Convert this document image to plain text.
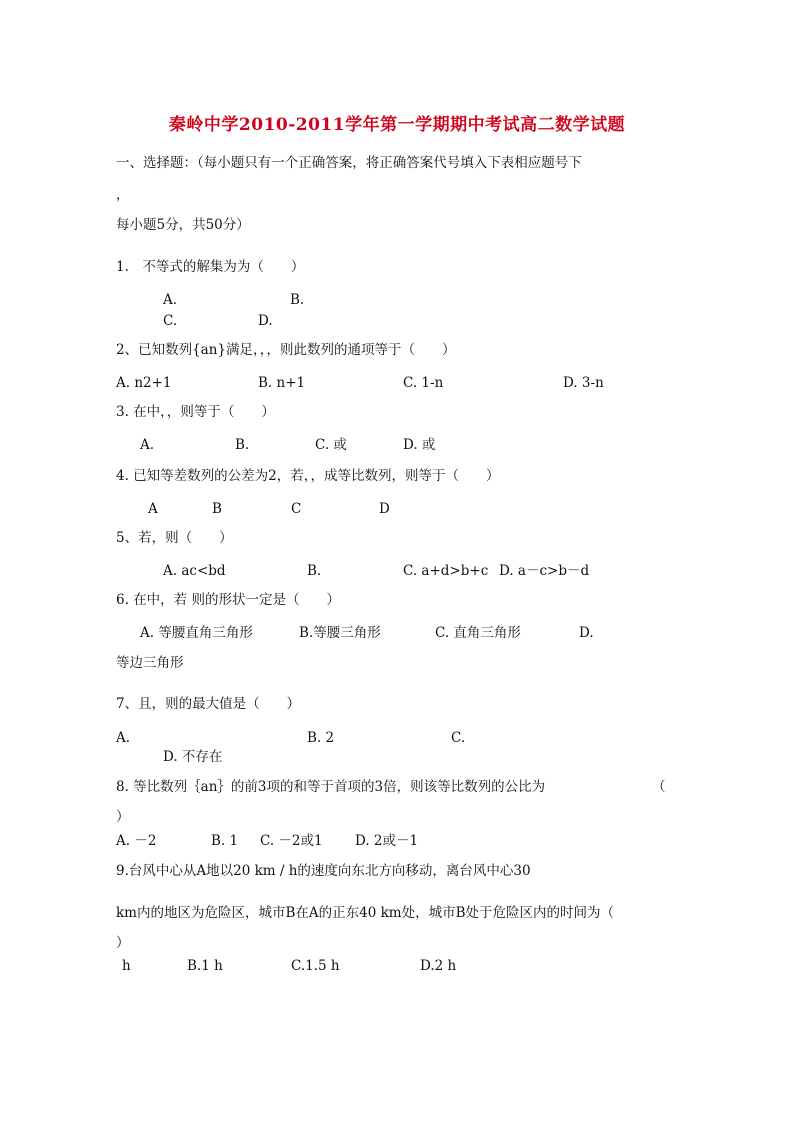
秦岭中学2010-2011学年第一学期期中考试高二数学试题
一、选择题：（每小题只有一个正确答案，将正确答案代号填入下表相应题号下
，
每小题5分，共50分）
1.　不等式的解集为为（　　）
A.	B.
C.	D.
2、已知数列{an}满足，，，则此数列的通项等于（　　）
A. n2+1	B. n+1	C. 1-n	D. 3-n
3. 在中，，则等于（　　）
A.	B.	C. 或	D. 或
4. 已知等差数列的公差为2，若，，成等比数列，则等于（　　）
A	B	C	D
5、若，则（　　）
A. ac<bd	B.	C. a+d>b+c D. a－c>b－d
6. 在中，若 则的形状一定是（　　）
A. 等腰直角三角形	B.等腰三角形	C. 直角三角形	D.
等边三角形
7、且，则的最大值是（　　）
A.	B. 2	C.
D. 不存在
8. 等比数列｛an｝的前3项的和等于首项的3倍，则该等比数列的公比为	（
）
A. －2	B. 1 C. －2或1 D. 2或－1
9.台风中心从A地以20 km / h的速度向东北方向移动，离台风中心30
km内的地区为危险区，城市B在A的正东40 km处，城市B处于危险区内的时间为（
）
h	B.1 h	C.1.5 h	D.2 h
